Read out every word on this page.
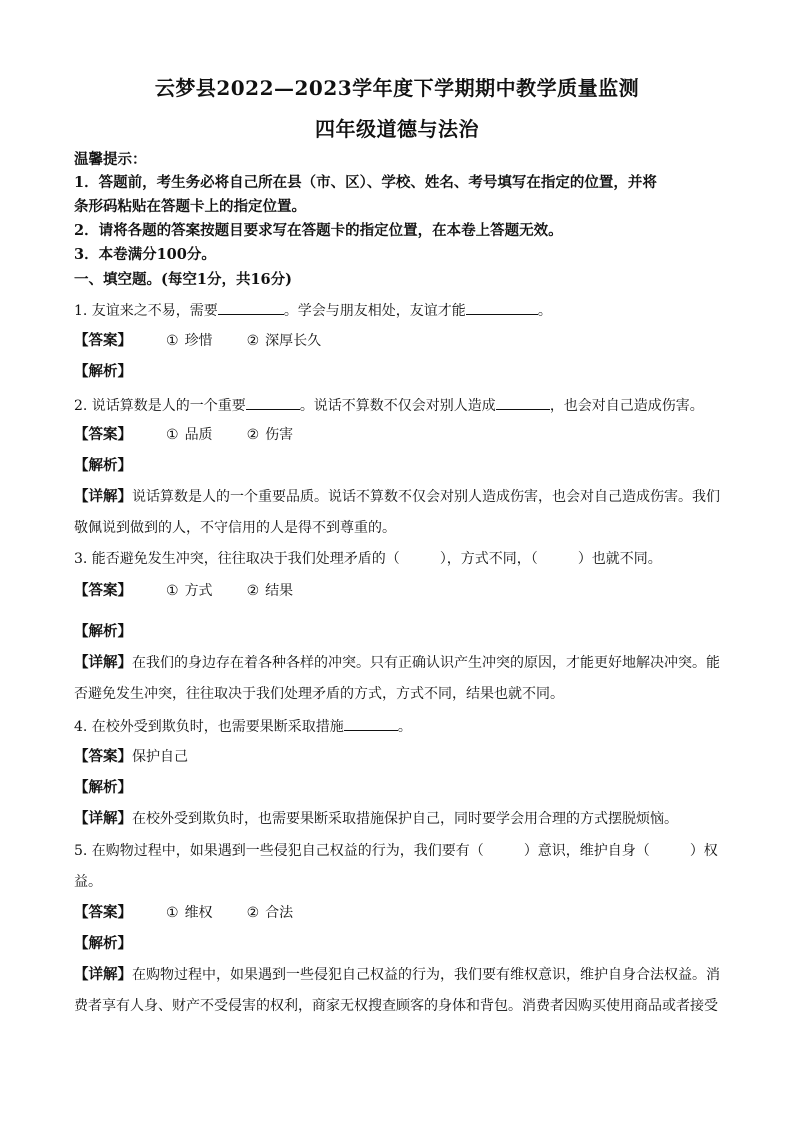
云梦县2022—2023学年度下学期期中教学质量监测
四年级道德与法治
温馨提示：
1．答题前，考生务必将自己所在县（市、区）、学校、姓名、考号填写在指定的位置，并将
条形码粘贴在答题卡上的指定位置。
2．请将各题的答案按题目要求写在答题卡的指定位置，在本卷上答题无效。
3．本卷满分100分。
一、填空题。(每空1分，共16分)
1. 友谊来之不易，需要	。学会与朋友相处，友谊才能	。
【答案】 ① 珍惜 ② 深厚长久
【解析】
2. 说话算数是人的一个重要	。说话不算数不仅会对别人造成	，也会对自己造成伤害。
【答案】 ① 品质 ② 伤害
【解析】
【详解】说话算数是人的一个重要品质。说话不算数不仅会对别人造成伤害，也会对自己造成伤害。我们
敬佩说到做到的人，不守信用的人是得不到尊重的。
3. 能否避免发生冲突，往往取决于我们处理矛盾的（	），方式不同，（	）也就不同。
【答案】 ① 方式 ② 结果
【解析】
【详解】在我们的身边存在着各种各样的冲突。只有正确认识产生冲突的原因，才能更好地解决冲突。能
否避免发生冲突，往往取决于我们处理矛盾的方式，方式不同，结果也就不同。
4. 在校外受到欺负时，也需要果断采取措施	。
【答案】保护自己
【解析】
【详解】在校外受到欺负时，也需要果断采取措施保护自己，同时要学会用合理的方式摆脱烦恼。
5. 在购物过程中，如果遇到一些侵犯自己权益的行为，我们要有（	）意识，维护自身（	）权
益。
【答案】 ① 维权 ② 合法
【解析】
【详解】在购物过程中，如果遇到一些侵犯自己权益的行为，我们要有维权意识，维护自身合法权益。消
费者享有人身、财产不受侵害的权利，商家无权搜查顾客的身体和背包。消费者因购买使用商品或者接受
